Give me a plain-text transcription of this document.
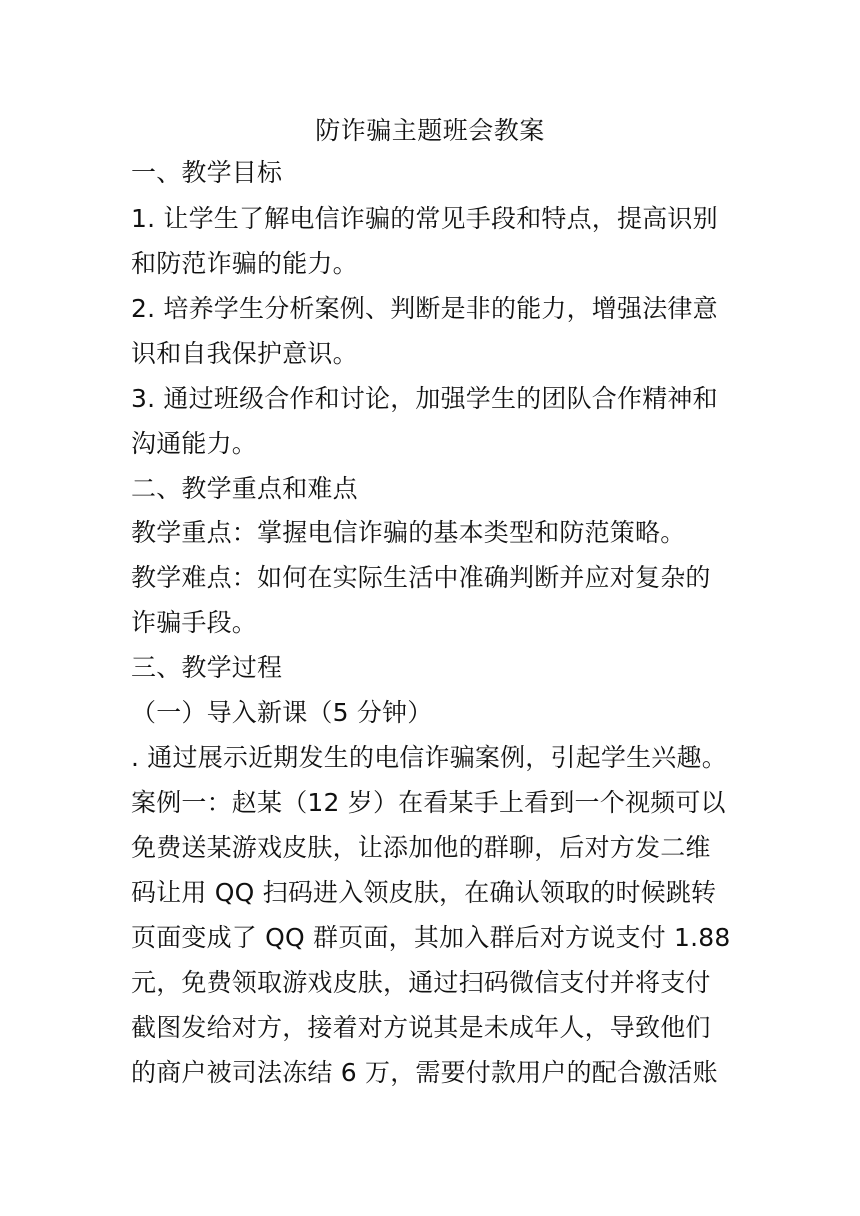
防诈骗主题班会教案
一、教学目标
1. 让学生了解电信诈骗的常见手段和特点，提高识别
和防范诈骗的能力。
2. 培养学生分析案例、判断是非的能力，增强法律意
识和自我保护意识。
3. 通过班级合作和讨论，加强学生的团队合作精神和
沟通能力。
二、教学重点和难点
教学重点：掌握电信诈骗的基本类型和防范策略。
教学难点：如何在实际生活中准确判断并应对复杂的
诈骗手段。
三、教学过程
（一）导入新课（5 分钟）
. 通过展示近期发生的电信诈骗案例，引起学生兴趣。
案例一：赵某（12 岁）在看某手上看到一个视频可以
免费送某游戏皮肤，让添加他的群聊，后对方发二维
码让用 QQ 扫码进入领皮肤，在确认领取的时候跳转
页面变成了 QQ 群页面，其加入群后对方说支付 1.88
元，免费领取游戏皮肤，通过扫码微信支付并将支付
截图发给对方，接着对方说其是未成年人，导致他们
的商户被司法冻结 6 万，需要付款用户的配合激活账
